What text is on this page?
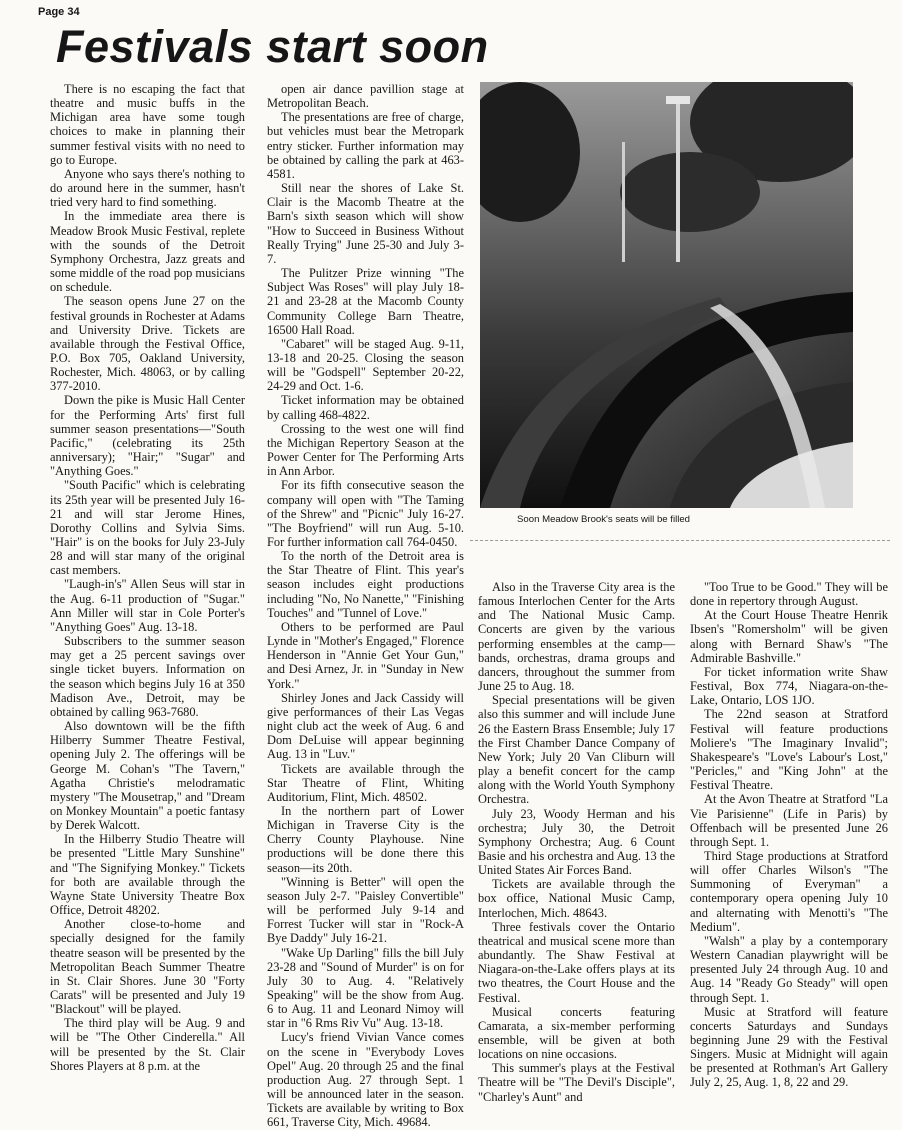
Page 34
Festivals start soon

There is no escaping the fact that theatre and music buffs in the Michigan area have some tough choices to make in planning their summer festival visits with no need to go to Europe.

Anyone who says there's nothing to do around here in the summer, hasn't tried very hard to find something.

In the immediate area there is Meadow Brook Music Festival, replete with the sounds of the Detroit Symphony Orchestra, Jazz greats and some middle of the road pop musicians on schedule.

The season opens June 27 on the festival grounds in Rochester at Adams and University Drive. Tickets are available through the Festival Office, P.O. Box 705, Oakland University, Rochester, Mich. 48063, or by calling 377-2010.

Down the pike is Music Hall Center for the Performing Arts' first full summer season presentations—"South Pacific," (celebrating its 25th anniversary); "Hair;" "Sugar" and "Anything Goes."

"South Pacific" which is celebrating its 25th year will be presented July 16-21 and will star Jerome Hines, Dorothy Collins and Sylvia Sims. "Hair" is on the books for July 23-July 28 and will star many of the original cast members.

"Laugh-in's" Allen Seus will star in the Aug. 6-11 production of "Sugar." Ann Miller will star in Cole Porter's "Anything Goes" Aug. 13-18.

Subscribers to the summer season may get a 25 percent savings over single ticket buyers. Information on the season which begins July 16 at 350 Madison Ave., Detroit, may be obtained by calling 963-7680.

Also downtown will be the fifth Hilberry Summer Theatre Festival, opening July 2. The offerings will be George M. Cohan's "The Tavern," Agatha Christie's melodramatic mystery "The Mousetrap," and "Dream on Monkey Mountain" a poetic fantasy by Derek Walcott.

In the Hilberry Studio Theatre will be presented "Little Mary Sunshine" and "The Signifying Monkey." Tickets for both are available through the Wayne State University Theatre Box Office, Detroit 48202.

Another close-to-home and specially designed for the family theatre season will be presented by the Metropolitan Beach Summer Theatre in St. Clair Shores. June 30 "Forty Carats" will be presented and July 19 "Blackout" will be played.

The third play will be Aug. 9 and will be "The Other Cinderella." All will be presented by the St. Clair Shores Players at 8 p.m. at the

open air dance pavillion stage at Metropolitan Beach.

The presentations are free of charge, but vehicles must bear the Metropark entry sticker. Further information may be obtained by calling the park at 463-4581.

Still near the shores of Lake St. Clair is the Macomb Theatre at the Barn's sixth season which will show "How to Succeed in Business Without Really Trying" June 25-30 and July 3-7.

The Pulitzer Prize winning "The Subject Was Roses" will play July 18-21 and 23-28 at the Macomb County Community College Barn Theatre, 16500 Hall Road.

"Cabaret" will be staged Aug. 9-11, 13-18 and 20-25. Closing the season will be "Godspell" September 20-22, 24-29 and Oct. 1-6.

Ticket information may be obtained by calling 468-4822.

Crossing to the west one will find the Michigan Repertory Season at the Power Center for The Performing Arts in Ann Arbor.

For its fifth consecutive season the company will open with "The Taming of the Shrew" and "Picnic" July 16-27. "The Boyfriend" will run Aug. 5-10. For further information call 764-0450.

To the north of the Detroit area is the Star Theatre of Flint. This year's season includes eight productions including "No, No Nanette," "Finishing Touches" and "Tunnel of Love."

Others to be performed are Paul Lynde in "Mother's Engaged," Florence Henderson in "Annie Get Your Gun," and Desi Arnez, Jr. in "Sunday in New York."

Shirley Jones and Jack Cassidy will give performances of their Las Vegas night club act the week of Aug. 6 and Dom DeLuise will appear beginning Aug. 13 in "Luv."

Tickets are available through the Star Theatre of Flint, Whiting Auditorium, Flint, Mich. 48502.

In the northern part of Lower Michigan in Traverse City is the Cherry County Playhouse. Nine productions will be done there this season—its 20th.

"Winning is Better" will open the season July 2-7. "Paisley Convertible" will be performed July 9-14 and Forrest Tucker will star in "Rock-A Bye Daddy" July 16-21.

"Wake Up Darling" fills the bill July 23-28 and "Sound of Murder" is on for July 30 to Aug. 4. "Relatively Speaking" will be the show from Aug. 6 to Aug. 11 and Leonard Nimoy will star in "6 Rms Riv Vu" Aug. 13-18.

Lucy's friend Vivian Vance comes on the scene in "Everybody Loves Opel" Aug. 20 through 25 and the final production Aug. 27 through Sept. 1 will be announced later in the season. Tickets are available by writing to Box 661, Traverse City, Mich. 49684.

Soon Meadow Brook's seats will be filled

Also in the Traverse City area is the famous Interlochen Center for the Arts and The National Music Camp. Concerts are given by the various performing ensembles at the camp—bands, orchestras, drama groups and dancers, throughout the summer from June 25 to Aug. 18.

Special presentations will be given also this summer and will include June 26 the Eastern Brass Ensemble; July 17 the First Chamber Dance Company of New York; July 20 Van Cliburn will play a benefit concert for the camp along with the World Youth Symphony Orchestra.

July 23, Woody Herman and his orchestra; July 30, the Detroit Symphony Orchestra; Aug. 6 Count Basie and his orchestra and Aug. 13 the United States Air Forces Band.

Tickets are available through the box office, National Music Camp, Interlochen, Mich. 48643.

Three festivals cover the Ontario theatrical and musical scene more than abundantly. The Shaw Festival at Niagara-on-the-Lake offers plays at its two theatres, the Court House and the Festival.

Musical concerts featuring Camarata, a six-member performing ensemble, will be given at both locations on nine occasions.

This summer's plays at the Festival Theatre will be "The Devil's Disciple", "Charley's Aunt" and

"Too True to be Good." They will be done in repertory through August.

At the Court House Theatre Henrik Ibsen's "Romersholm" will be given along with Bernard Shaw's "The Admirable Bashville."

For ticket information write Shaw Festival, Box 774, Niagara-on-the-Lake, Ontario, LOS 1JO.

The 22nd season at Stratford Festival will feature productions Moliere's "The Imaginary Invalid"; Shakespeare's "Love's Labour's Lost," "Pericles," and "King John" at the Festival Theatre.

At the Avon Theatre at Stratford "La Vie Parisienne" (Life in Paris) by Offenbach will be presented June 26 through Sept. 1.

Third Stage productions at Stratford will offer Charles Wilson's "The Summoning of Everyman" a contemporary opera opening July 10 and alternating with Menotti's "The Medium".

"Walsh" a play by a contemporary Western Canadian playwright will be presented July 24 through Aug. 10 and Aug. 14 "Ready Go Steady" will open through Sept. 1.

Music at Stratford will feature concerts Saturdays and Sundays beginning June 29 with the Festival Singers. Music at Midnight will again be presented at Rothman's Art Gallery July 2, 25, Aug. 1, 8, 22 and 29.
